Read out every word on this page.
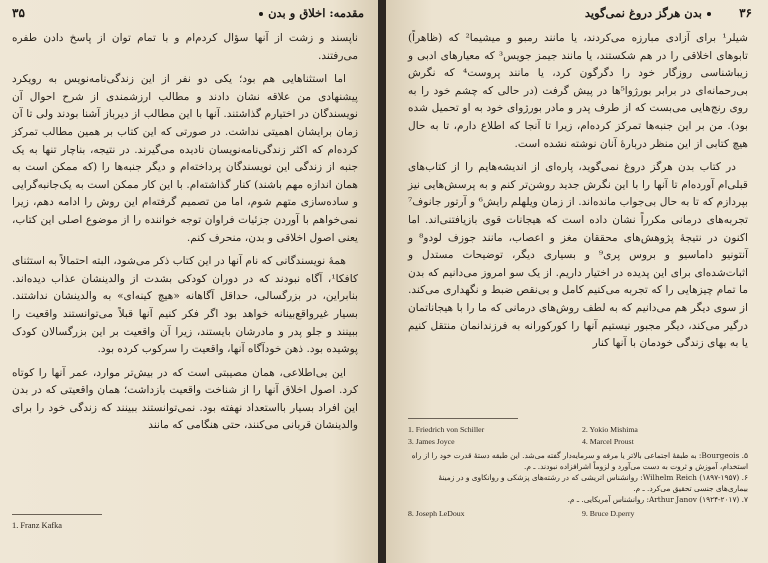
۳۵	مقدمه: اخلاق و بدن

ناپسند و زشت از آنها سؤال کردم‌ام و با تمام توان از پاسخ دادن طفره می‌رفتند.

اما استثناهایی هم بود؛ یکی دو نفر از این زندگی‌نامه‌نویس به رویکرد پیشنهادی من علاقه نشان دادند و مطالب ارزشمندی از شرح احوال آن نویسندگان در اختیارم گذاشتند. آنها با این مطالب از دیرباز آشنا بودند ولی تا آن زمان برایشان اهمیتی نداشت. در صورتی که این کتاب بر همین مطالب تمرکز کرده‌ام که اکثر زندگی‌نامه‌نویسان نادیده می‌گیرند. در نتیجه، بناچار تنها به یک جنبه از زندگی این نویسندگان پرداخته‌ام و دیگر جنبه‌ها را (که ممکن است به همان اندازه مهم باشند) کنار گذاشته‌ام. با این کار ممکن است به یک‌جانبه‌گرایی و ساده‌سازی متهم شوم، اما من تصمیم گرفته‌ام این روش را ادامه دهم، زیرا نمی‌خواهم با آوردن جزئیات فراوان توجه خواننده را از موضوع اصلی این کتاب، یعنی اصول اخلاقی و بدن، منحرف کنم.

همهٔ نویسندگانی که نام آنها در این کتاب ذکر می‌شود، البته احتمالاً به استثنای کافکا¹، آگاه نبودند که در دوران کودکی بشدت از والدینشان عذاب دیده‌اند. بنابراین، در بزرگسالی، حداقل آگاهانه «هیچ کینه‌ای» به والدینشان نداشتند. بسیار غیرواقع‌بینانه خواهد بود اگر فکر کنیم آنها قبلاً می‌توانستند واقعیت را ببینند و جلو پدر و مادرشان بایستند، زیرا آن واقعیت بر این بزرگسالان کودک پوشیده بود. ذهن خودآگاه آنها، واقعیت را سرکوب کرده بود.

این بی‌اطلاعی، همان مصیبتی است که در بیش‌تر موارد، عمر آنها را کوتاه کرد. اصول اخلاق آنها را از شناخت واقعیت بازداشت؛ همان واقعیتی که در بدن این افراد بسیار بااستعداد نهفته بود. نمی‌توانستند ببینند که زندگی خود را برای والدینشان قربانی می‌کنند، حتی هنگامی که مانند

1. Franz Kafka
۳۶
بدن هرگز دروغ نمی‌گوید

شیلر¹ برای آزادی مبارزه می‌کردند، یا مانند رمبو و میشیما² که (ظاهراً) تابوهای اخلاقی را در هم شکستند، یا مانند جیمز جویس³ که معیارهای ادبی و زیباشناسی روزگار خود را دگرگون کرد، یا مانند پروست⁴ که نگرش بی‌رحمانه‌ای در برابر بورژوا⁵ها در پیش گرفت (در حالی که چشم خود را به روی رنج‌هایی می‌بست که از طرف پدر و مادر بورژوای خود به او تحمیل شده بود). من بر این جنبه‌ها تمرکز کرده‌ام، زیرا تا آنجا که اطلاع دارم، تا به حال هیچ کتابی از این منظر دربارهٔ آنان نوشته نشده است.

در کتاب بدن هرگز دروغ نمی‌گوید، پاره‌ای از اندیشه‌هایم را از کتاب‌های قبلی‌ام آورده‌ام تا آنها را با این نگرش جدید روشن‌تر کنم و به پرسش‌هایی نیز بپردازم که تا به حال بی‌جواب مانده‌اند. از زمان ویلهلم رایش⁶ و آرتور جانوف⁷ تجربه‌های درمانی مکرراً نشان داده است که هیجانات قوی بازیافتنی‌اند. اما اکنون در نتیجهٔ پژوهش‌های محققان مغز و اعصاب، مانند جوزف لودو⁸ و آنتونیو داماسیو و بروس پری⁹ و بسیاری دیگر، توضیحات مستدل و اثبات‌شده‌ای برای این پدیده در اختیار داریم. از یک سو امروز می‌دانیم که بدن ما تمام چیزهایی را که تجربه می‌کنیم کامل و بی‌نقص ضبط و نگهداری می‌کند. از سوی دیگر هم می‌دانیم که به لطف روش‌های درمانی که ما را با هیجاناتمان درگیر می‌کند، دیگر مجبور نیستیم آنها را کورکورانه به فرزندانمان منتقل کنیم یا به بهای زندگی خودمان با آنها کنار

1. Friedrich von Schiller	2. Yokio Mishima
3. James Joyce	4. Marcel Proust
۵. Bourgeois: به طبقهٔ اجتماعی بالاتر یا مرفه و سرمایه‌دار گفته می‌شد. این طبقه دستهٔ قدرت خود را از راه استخدام، آموزش و ثروت به دست می‌آورد و لزوماً اشرافزاده نبودند. ـ م.
۶. Wilhelm Reich (۱۸۹۷-۱۹۵۷): روانشناس اتریشی که در رشته‌های پزشکی و روانکاوی و در زمینهٔ بیماری‌های جنسی تحقیق می‌کرد. ـ م.
۷. Arthur Janov (۱۹۲۴-۲۰۱۷): روانشناس آمریکایی. ـ م.
8. Joseph LeDoux	9. Bruce D.perry
